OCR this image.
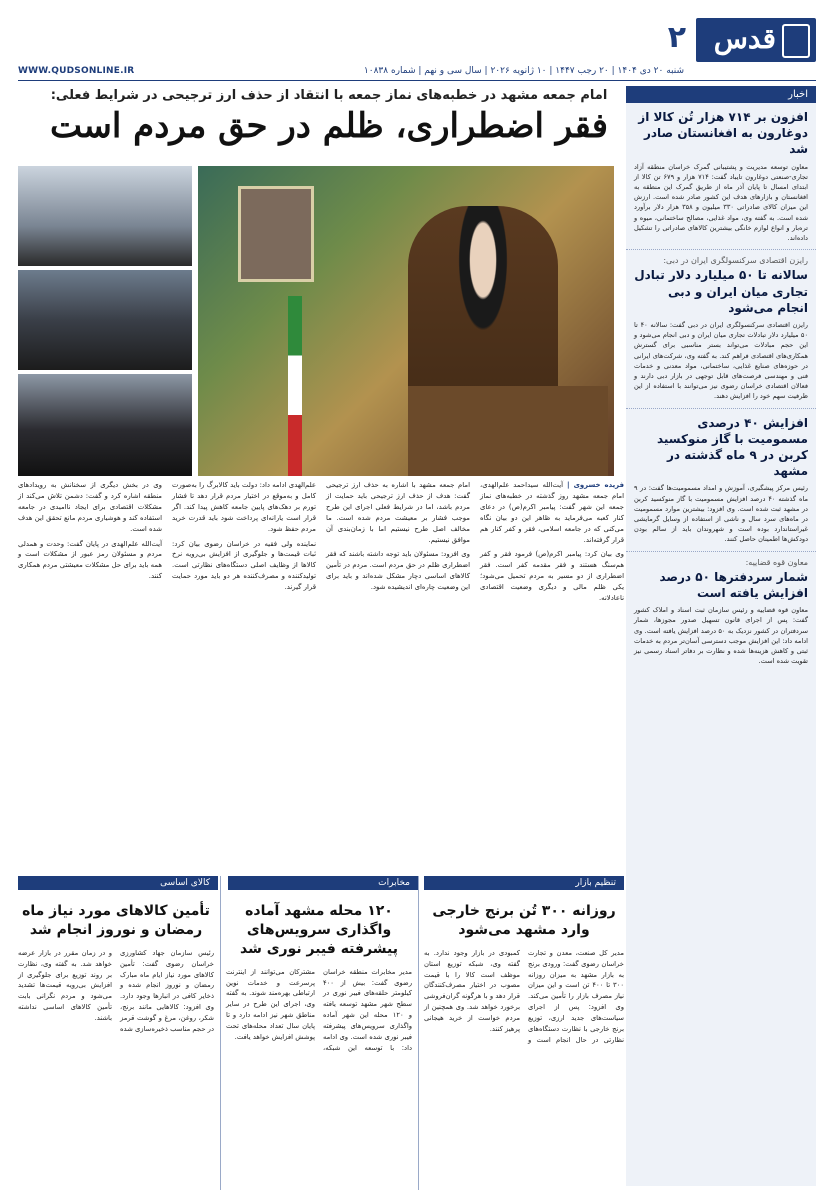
قدس
۲
شنبه ۲۰ دی ۱۴۰۴ | ۲۰ رجب ۱۴۴۷ | ۱۰ ژانویه ۲۰۲۶ | سال سی و نهم | شماره ۱۰۸۳۸
WWW.QUDSONLINE.IR
امام جمعه مشهد در خطبه‌های نماز جمعه با انتقاد از حذف ارز ترجیحی در شرایط فعلی:
فقر اضطراری، ظلم در حق مردم است

فریده خسروی | آیت‌الله سیداحمد علم‌الهدی، امام جمعه مشهد روز گذشته در خطبه‌های نماز جمعه این شهر گفت: پیامبر اکرم(ص) در دعای کنار کعبه می‌فرماید به ظاهر این دو بیان نگاه می‌کنی که در جامعه اسلامی، فقر و کفر کنار هم قرار گرفته‌اند.

وی بیان کرد: پیامبر اکرم(ص) فرمود فقر و کفر هم‌سنگ هستند و فقر مقدمه کفر است. فقر اضطراری از دو مسیر به مردم تحمیل می‌شود؛ یکی ظلم مالی و دیگری وضعیت اقتصادی ناعادلانه.

امام جمعه مشهد با اشاره به حذف ارز ترجیحی گفت: هدف از حذف ارز ترجیحی باید حمایت از مردم باشد، اما در شرایط فعلی اجرای این طرح موجب فشار بر معیشت مردم شده است. ما مخالف اصل طرح نیستیم اما با زمان‌بندی آن موافق نیستیم.

وی افزود: مسئولان باید توجه داشته باشند که فقر اضطراری ظلم در حق مردم است. مردم در تأمین کالاهای اساسی دچار مشکل شده‌اند و باید برای این وضعیت چاره‌ای اندیشیده شود.

علم‌الهدی ادامه داد: دولت باید کالابرگ را به‌صورت کامل و به‌موقع در اختیار مردم قرار دهد تا فشار تورم بر دهک‌های پایین جامعه کاهش پیدا کند. اگر قرار است یارانه‌ای پرداخت شود باید قدرت خرید مردم حفظ شود.

نماینده ولی فقیه در خراسان رضوی بیان کرد: ثبات قیمت‌ها و جلوگیری از افزایش بی‌رویه نرخ کالاها از وظایف اصلی دستگاه‌های نظارتی است. تولیدکننده و مصرف‌کننده هر دو باید مورد حمایت قرار گیرند.

وی در بخش دیگری از سخنانش به رویدادهای منطقه اشاره کرد و گفت: دشمن تلاش می‌کند از مشکلات اقتصادی برای ایجاد ناامیدی در جامعه استفاده کند و هوشیاری مردم مانع تحقق این هدف شده است.

آیت‌الله علم‌الهدی در پایان گفت: وحدت و همدلی مردم و مسئولان رمز عبور از مشکلات است و همه باید برای حل مشکلات معیشتی مردم همکاری کنند.

اخبار
افزون بر ۷۱۴ هزار تُن کالا از دوغارون به افغانستان صادر شد

معاون توسعه مدیریت و پشتیبانی گمرک خراسان منطقه آزاد تجاری-صنعتی دوغارون تایباد گفت: ۷۱۴ هزار و ۶۷۹ تن کالا از ابتدای امسال تا پایان آذر ماه از طریق گمرک این منطقه به افغانستان و بازارهای هدف این کشور صادر شده است. ارزش این میزان کالای صادراتی ۳۳۰ میلیون و ۳۵۸ هزار دلار برآورد شده است. به گفته وی، مواد غذایی، مصالح ساختمانی، میوه و تره‌بار و انواع لوازم خانگی بیشترین کالاهای صادراتی را تشکیل داده‌اند.

رایزن اقتصادی سرکنسولگری ایران در دبی:
سالانه تا ۵۰ میلیارد دلار تبادل تجاری میان ایران و دبی انجام می‌شود

رایزن اقتصادی سرکنسولگری ایران در دبی گفت: سالانه ۴۰ تا ۵۰ میلیارد دلار تبادلات تجاری میان ایران و دبی انجام می‌شود و این حجم مبادلات می‌تواند بستر مناسبی برای گسترش همکاری‌های اقتصادی فراهم کند. به گفته وی، شرکت‌های ایرانی در حوزه‌های صنایع غذایی، ساختمانی، مواد معدنی و خدمات فنی و مهندسی فرصت‌های قابل توجهی در بازار دبی دارند و فعالان اقتصادی خراسان رضوی نیز می‌توانند با استفاده از این ظرفیت سهم خود را افزایش دهند.

افزایش ۴۰ درصدی مسمومیت با گاز منوکسید کربن در ۹ ماه گذشته در مشهد

رئیس مرکز پیشگیری، آموزش و امداد مسمومیت‌ها گفت: در ۹ ماه گذشته ۴۰ درصد افزایش مسمومیت با گاز منوکسید کربن در مشهد ثبت شده است. وی افزود: بیشترین موارد مسمومیت در ماه‌های سرد سال و ناشی از استفاده از وسایل گرمایشی غیراستاندارد بوده است و شهروندان باید از سالم بودن دودکش‌ها اطمینان حاصل کنند.

معاون قوه قضاییه:
شمار سردفترها ۵۰ درصد افزایش یافته است

معاون قوه قضاییه و رئیس سازمان ثبت اسناد و املاک کشور گفت: پس از اجرای قانون تسهیل صدور مجوزها، شمار سردفتران در کشور نزدیک به ۵۰ درصد افزایش یافته است. وی ادامه داد: این افزایش موجب دسترسی آسان‌تر مردم به خدمات ثبتی و کاهش هزینه‌ها شده و نظارت بر دفاتر اسناد رسمی نیز تقویت شده است.

تنظیم بازار
مخابرات
کالای اساسی
روزانه ۳۰۰ تُن برنج خارجی وارد مشهد می‌شود

مدیر کل صنعت، معدن و تجارت خراسان رضوی گفت: ورودی برنج به بازار مشهد به میزان روزانه ۳۰۰ تا ۴۰۰ تن است و این میزان نیاز مصرف بازار را تأمین می‌کند. وی افزود: پس از اجرای سیاست‌های جدید ارزی، توزیع برنج خارجی با نظارت دستگاه‌های نظارتی در حال انجام است و کمبودی در بازار وجود ندارد. به گفته وی، شبکه توزیع استان موظف است کالا را با قیمت مصوب در اختیار مصرف‌کنندگان قرار دهد و با هرگونه گران‌فروشی برخورد خواهد شد. وی همچنین از مردم خواست از خرید هیجانی پرهیز کنند.

۱۲۰ محله مشهد آماده واگذاری سرویس‌های پیشرفته فیبر نوری شد

مدیر مخابرات منطقه خراسان رضوی گفت: بیش از ۴۰۰ کیلومتر حلقه‌های فیبر نوری در سطح شهر مشهد توسعه یافته و ۱۲۰ محله این شهر آماده واگذاری سرویس‌های پیشرفته فیبر نوری شده است. وی ادامه داد: با توسعه این شبکه، مشترکان می‌توانند از اینترنت پرسرعت و خدمات نوین ارتباطی بهره‌مند شوند. به گفته وی، اجرای این طرح در سایر مناطق شهر نیز ادامه دارد و تا پایان سال تعداد محله‌های تحت پوشش افزایش خواهد یافت.

تأمین کالاهای مورد نیاز ماه رمضان و نوروز انجام شد

رئیس سازمان جهاد کشاورزی خراسان رضوی گفت: تأمین کالاهای مورد نیاز ایام ماه مبارک رمضان و نوروز انجام شده و ذخایر کافی در انبارها وجود دارد. وی افزود: کالاهایی مانند برنج، شکر، روغن، مرغ و گوشت قرمز در حجم مناسب ذخیره‌سازی شده و در زمان مقرر در بازار عرضه خواهد شد. به گفته وی، نظارت بر روند توزیع برای جلوگیری از افزایش بی‌رویه قیمت‌ها تشدید می‌شود و مردم نگرانی بابت تأمین کالاهای اساسی نداشته باشند.
